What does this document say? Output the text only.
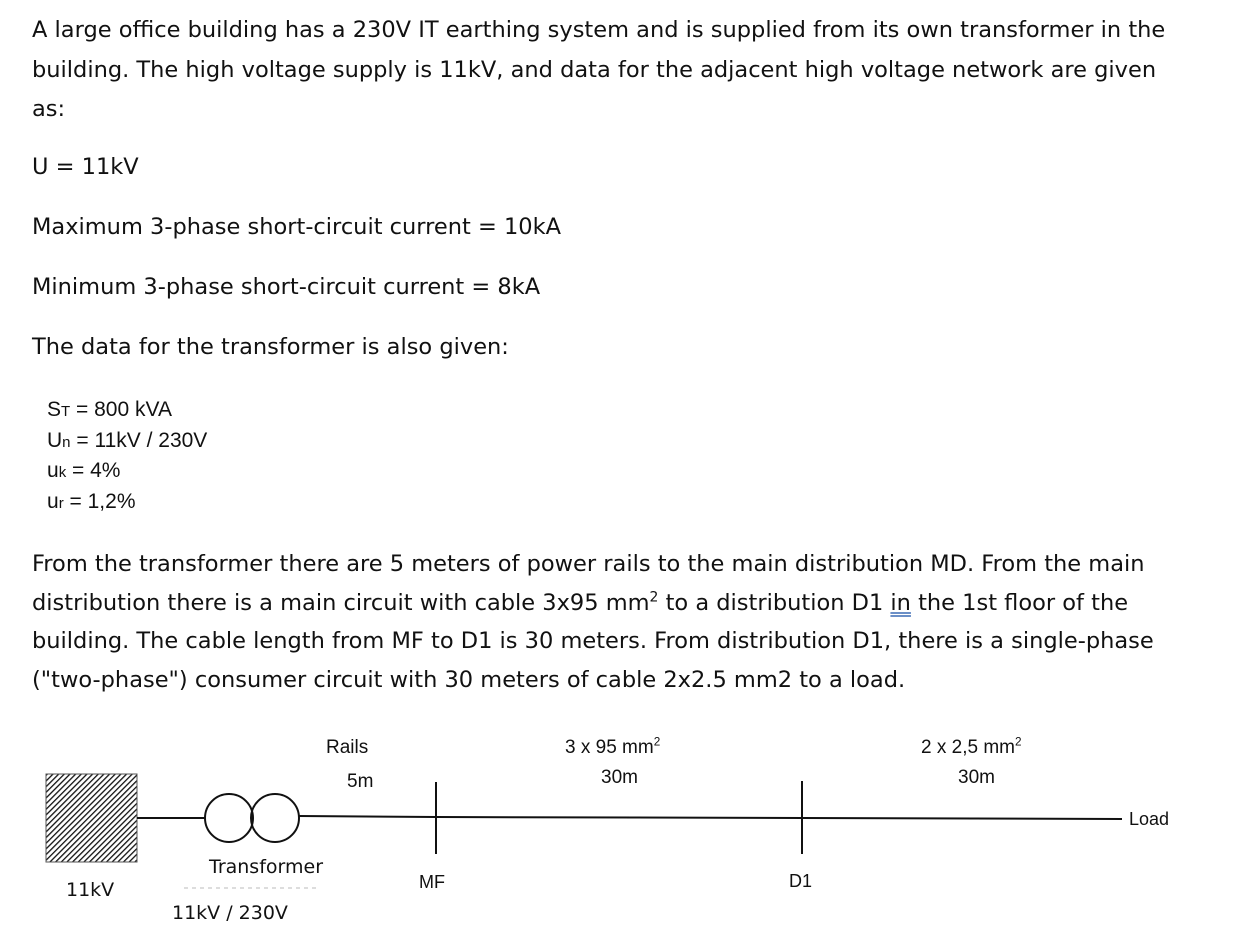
A large office building has a 230V IT earthing system and is supplied from its own transformer in the

building. The high voltage supply is 11kV, and data for the adjacent high voltage network are given

as:

U = 11kV

Maximum 3-phase short-circuit current = 10kA

Minimum 3-phase short-circuit current = 8kA

The data for the transformer is also given:

ST = 800 kVA
Un = 11kV / 230V
uk = 4%
ur = 1,2%

From the transformer there are 5 meters of power rails to the main distribution MD. From the main

distribution there is a main circuit with cable 3x95 $mm^2$ to a distribution D1 in the 1st floor of the

building. The cable length from MF to D1 is 30 meters. From distribution D1, there is a single-phase

("two-phase") consumer circuit with 30 meters of cable 2x2.5 mm2 to a load.

Rails
5m
3 x 95 $mm^2$
30m
2 x 2,5 $mm^2$
30m
Load
Transformer
11kV
11kV / 230V
MF	D1
